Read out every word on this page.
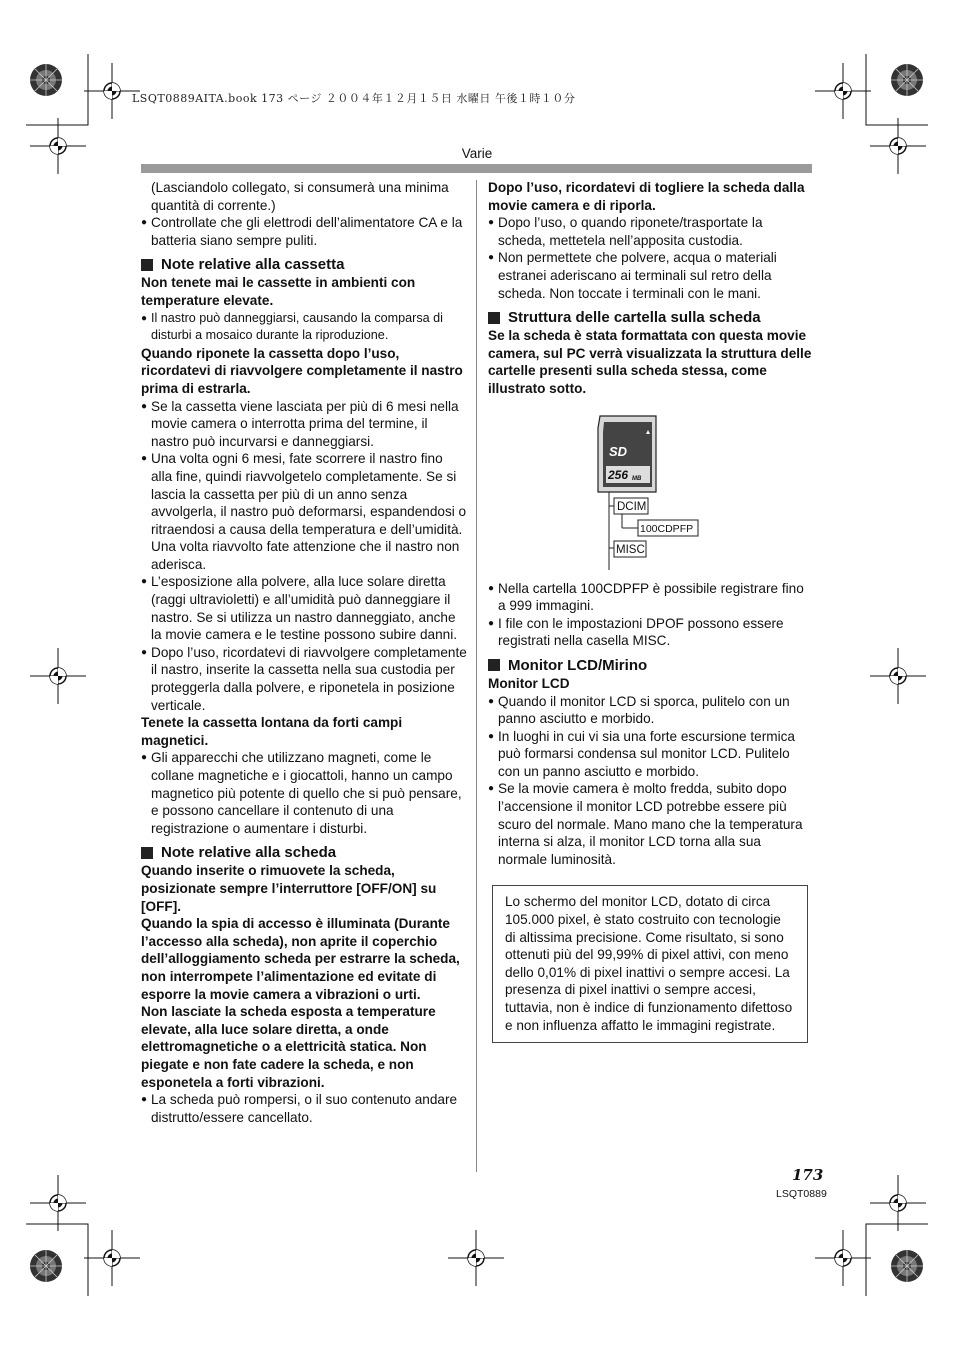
LSQT0889AITA.book 173 ページ ２００４年１２月１５日 水曜日 午後１時１０分
Varie

(Lasciandolo collegato, si consumerà una minima quantità di corrente.)

● Controllate che gli elettrodi dell’alimentatore CA e la batteria siano sempre puliti.
Note relative alla cassetta

Non tenete mai le cassette in ambienti con temperature elevate.

● Il nastro può danneggiarsi, causando la comparsa di disturbi a mosaico durante la riproduzione.

Quando riponete la cassetta dopo l’uso, ricordatevi di riavvolgere completamente il nastro prima di estrarla.

● Se la cassetta viene lasciata per più di 6 mesi nella movie camera o interrotta prima del termine, il nastro può incurvarsi e danneggiarsi.
● Una volta ogni 6 mesi, fate scorrere il nastro fino alla fine, quindi riavvolgetelo completamente. Se si lascia la cassetta per più di un anno senza avvolgerla, il nastro può deformarsi, espandendosi o ritraendosi a causa della temperatura e dell’umidità. Una volta riavvolto fate attenzione che il nastro non aderisca.
● L’esposizione alla polvere, alla luce solare diretta (raggi ultravioletti) e all’umidità può danneggiare il nastro. Se si utilizza un nastro danneggiato, anche la movie camera e le testine possono subire danni.
● Dopo l’uso, ricordatevi di riavvolgere completamente il nastro, inserite la cassetta nella sua custodia per proteggerla dalla polvere, e riponetela in posizione verticale.

Tenete la cassetta lontana da forti campi magnetici.

● Gli apparecchi che utilizzano magneti, come le collane magnetiche e i giocattoli, hanno un campo magnetico più potente di quello che si può pensare, e possono cancellare il contenuto di una registrazione o aumentare i disturbi.
Note relative alla scheda

Quando inserite o rimuovete la scheda, posizionate sempre l’interruttore [OFF/ON] su [OFF].

Quando la spia di accesso è illuminata (Durante l’accesso alla scheda), non aprite il coperchio dell’alloggiamento scheda per estrarre la scheda, non interrompete l’alimentazione ed evitate di esporre la movie camera a vibrazioni o urti.

Non lasciate la scheda esposta a temperature elevate, alla luce solare diretta, a onde elettromagnetiche o a elettricità statica. Non piegate e non fate cadere la scheda, e non esponetela a forti vibrazioni.

● La scheda può rompersi, o il suo contenuto andare distrutto/essere cancellato.

Dopo l’uso, ricordatevi di togliere la scheda dalla movie camera e di riporla.

● Dopo l’uso, o quando riponete/trasportate la scheda, mettetela nell’apposita custodia.
● Non permettete che polvere, acqua o materiali estranei aderiscano ai terminali sul retro della scheda. Non toccate i terminali con le mani.
Struttura delle cartella sulla scheda

Se la scheda è stata formattata con questa movie camera, sul PC verrà visualizzata la struttura delle cartelle presenti sulla scheda stessa, come illustrato sotto.

SD
256 MB
DCIM
100CDPFP
MISC
● Nella cartella 100CDPFP è possibile registrare fino a 999 immagini.
● I file con le impostazioni DPOF possono essere registrati nella casella MISC.
Monitor LCD/Mirino

Monitor LCD

● Quando il monitor LCD si sporca, pulitelo con un panno asciutto e morbido.
● In luoghi in cui vi sia una forte escursione termica può formarsi condensa sul monitor LCD. Pulitelo con un panno asciutto e morbido.
● Se la movie camera è molto fredda, subito dopo l’accensione il monitor LCD potrebbe essere più scuro del normale. Mano mano che la temperatura interna si alza, il monitor LCD torna alla sua normale luminosità.

Lo schermo del monitor LCD, dotato di circa 105.000 pixel, è stato costruito con tecnologie di altissima precisione. Come risultato, si sono ottenuti più del 99,99% di pixel attivi, con meno dello 0,01% di pixel inattivi o sempre accesi. La presenza di pixel inattivi o sempre accesi, tuttavia, non è indice di funzionamento difettoso e non influenza affatto le immagini registrate.

173
LSQT0889
